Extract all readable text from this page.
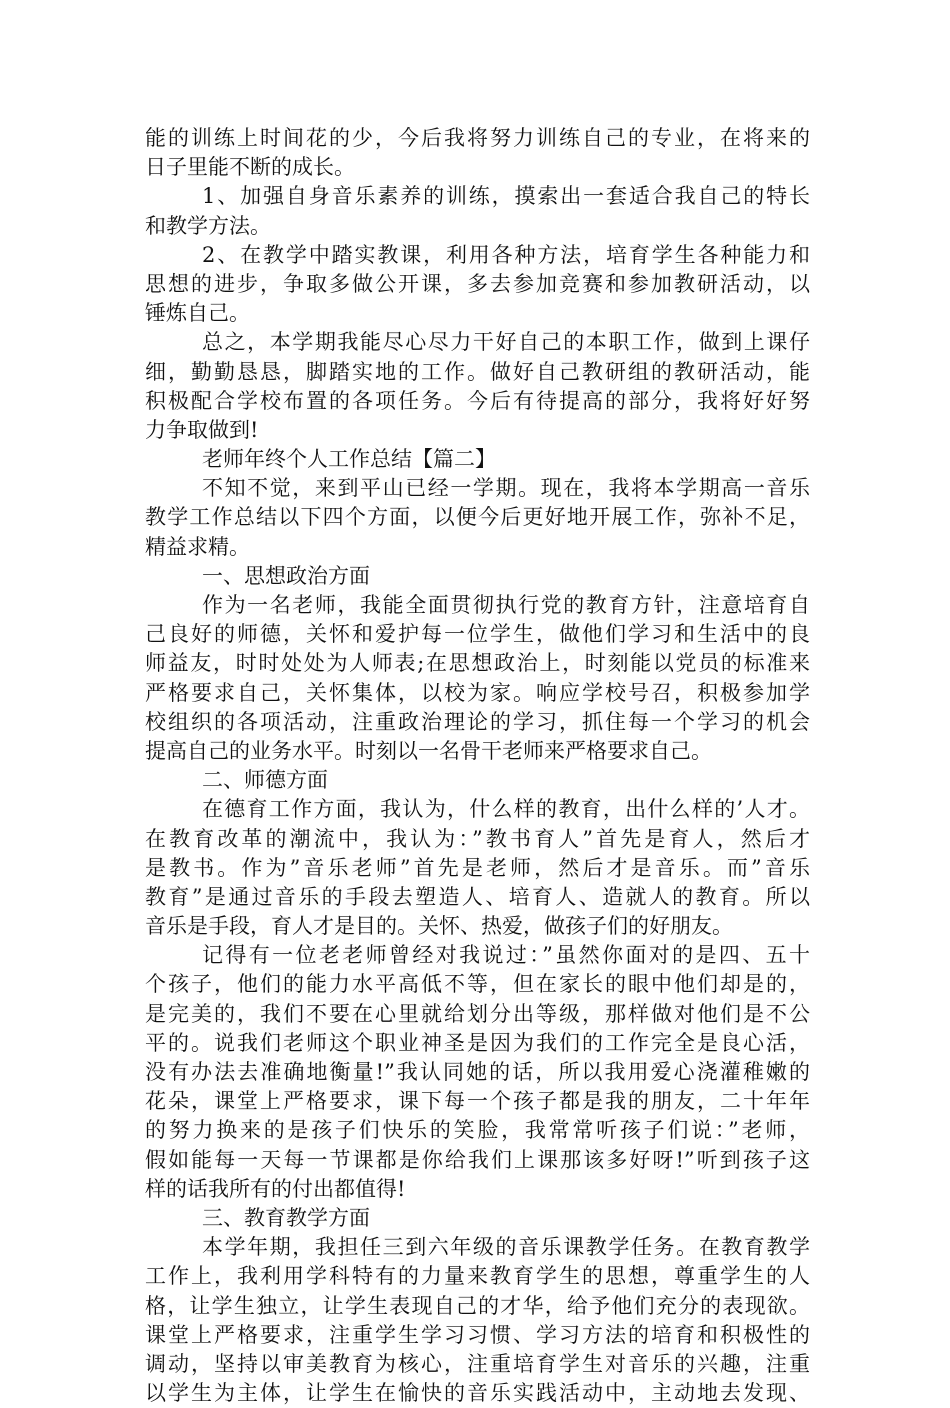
能的训练上时间花的少，今后我将努力训练自己的专业，在将来的
日子里能不断的成长。
1、加强自身音乐素养的训练，摸索出一套适合我自己的特长
和教学方法。
2、在教学中踏实教课，利用各种方法，培育学生各种能力和
思想的进步，争取多做公开课，多去参加竞赛和参加教研活动，以
锤炼自己。
总之，本学期我能尽心尽力干好自己的本职工作，做到上课仔
细，勤勤恳恳，脚踏实地的工作。做好自己教研组的教研活动，能
积极配合学校布置的各项任务。今后有待提高的部分，我将好好努
力争取做到!
老师年终个人工作总结【篇二】
不知不觉，来到平山已经一学期。现在，我将本学期高一音乐
教学工作总结以下四个方面，以便今后更好地开展工作，弥补不足，
精益求精。
一、思想政治方面
作为一名老师，我能全面贯彻执行党的教育方针，注意培育自
己良好的师德，关怀和爱护每一位学生，做他们学习和生活中的良
师益友，时时处处为人师表;在思想政治上，时刻能以党员的标准来
严格要求自己，关怀集体，以校为家。响应学校号召，积极参加学
校组织的各项活动，注重政治理论的学习，抓住每一个学习的机会
提高自己的业务水平。时刻以一名骨干老师来严格要求自己。
二、师德方面
在德育工作方面，我认为，什么样的教育，出什么样的’人才。
在教育改革的潮流中，我认为：”教书育人”首先是育人，然后才
是教书。作为”音乐老师”首先是老师，然后才是音乐。而”音乐
教育”是通过音乐的手段去塑造人、培育人、造就人的教育。所以
音乐是手段，育人才是目的。关怀、热爱，做孩子们的好朋友。
记得有一位老老师曾经对我说过：”虽然你面对的是四、五十
个孩子，他们的能力水平高低不等，但在家长的眼中他们却是的，
是完美的，我们不要在心里就给划分出等级，那样做对他们是不公
平的。说我们老师这个职业神圣是因为我们的工作完全是良心活，
没有办法去准确地衡量!”我认同她的话，所以我用爱心浇灌稚嫩的
花朵，课堂上严格要求，课下每一个孩子都是我的朋友，二十年年
的努力换来的是孩子们快乐的笑脸，我常常听孩子们说：”老师，
假如能每一天每一节课都是你给我们上课那该多好呀!”听到孩子这
样的话我所有的付出都值得!
三、教育教学方面
本学年期，我担任三到六年级的音乐课教学任务。在教育教学
工作上，我利用学科特有的力量来教育学生的思想，尊重学生的人
格，让学生独立，让学生表现自己的才华，给予他们充分的表现欲。
课堂上严格要求，注重学生学习习惯、学习方法的培育和积极性的
调动，坚持以审美教育为核心，注重培育学生对音乐的兴趣，注重
以学生为主体，让学生在愉快的音乐实践活动中，主动地去发现、
